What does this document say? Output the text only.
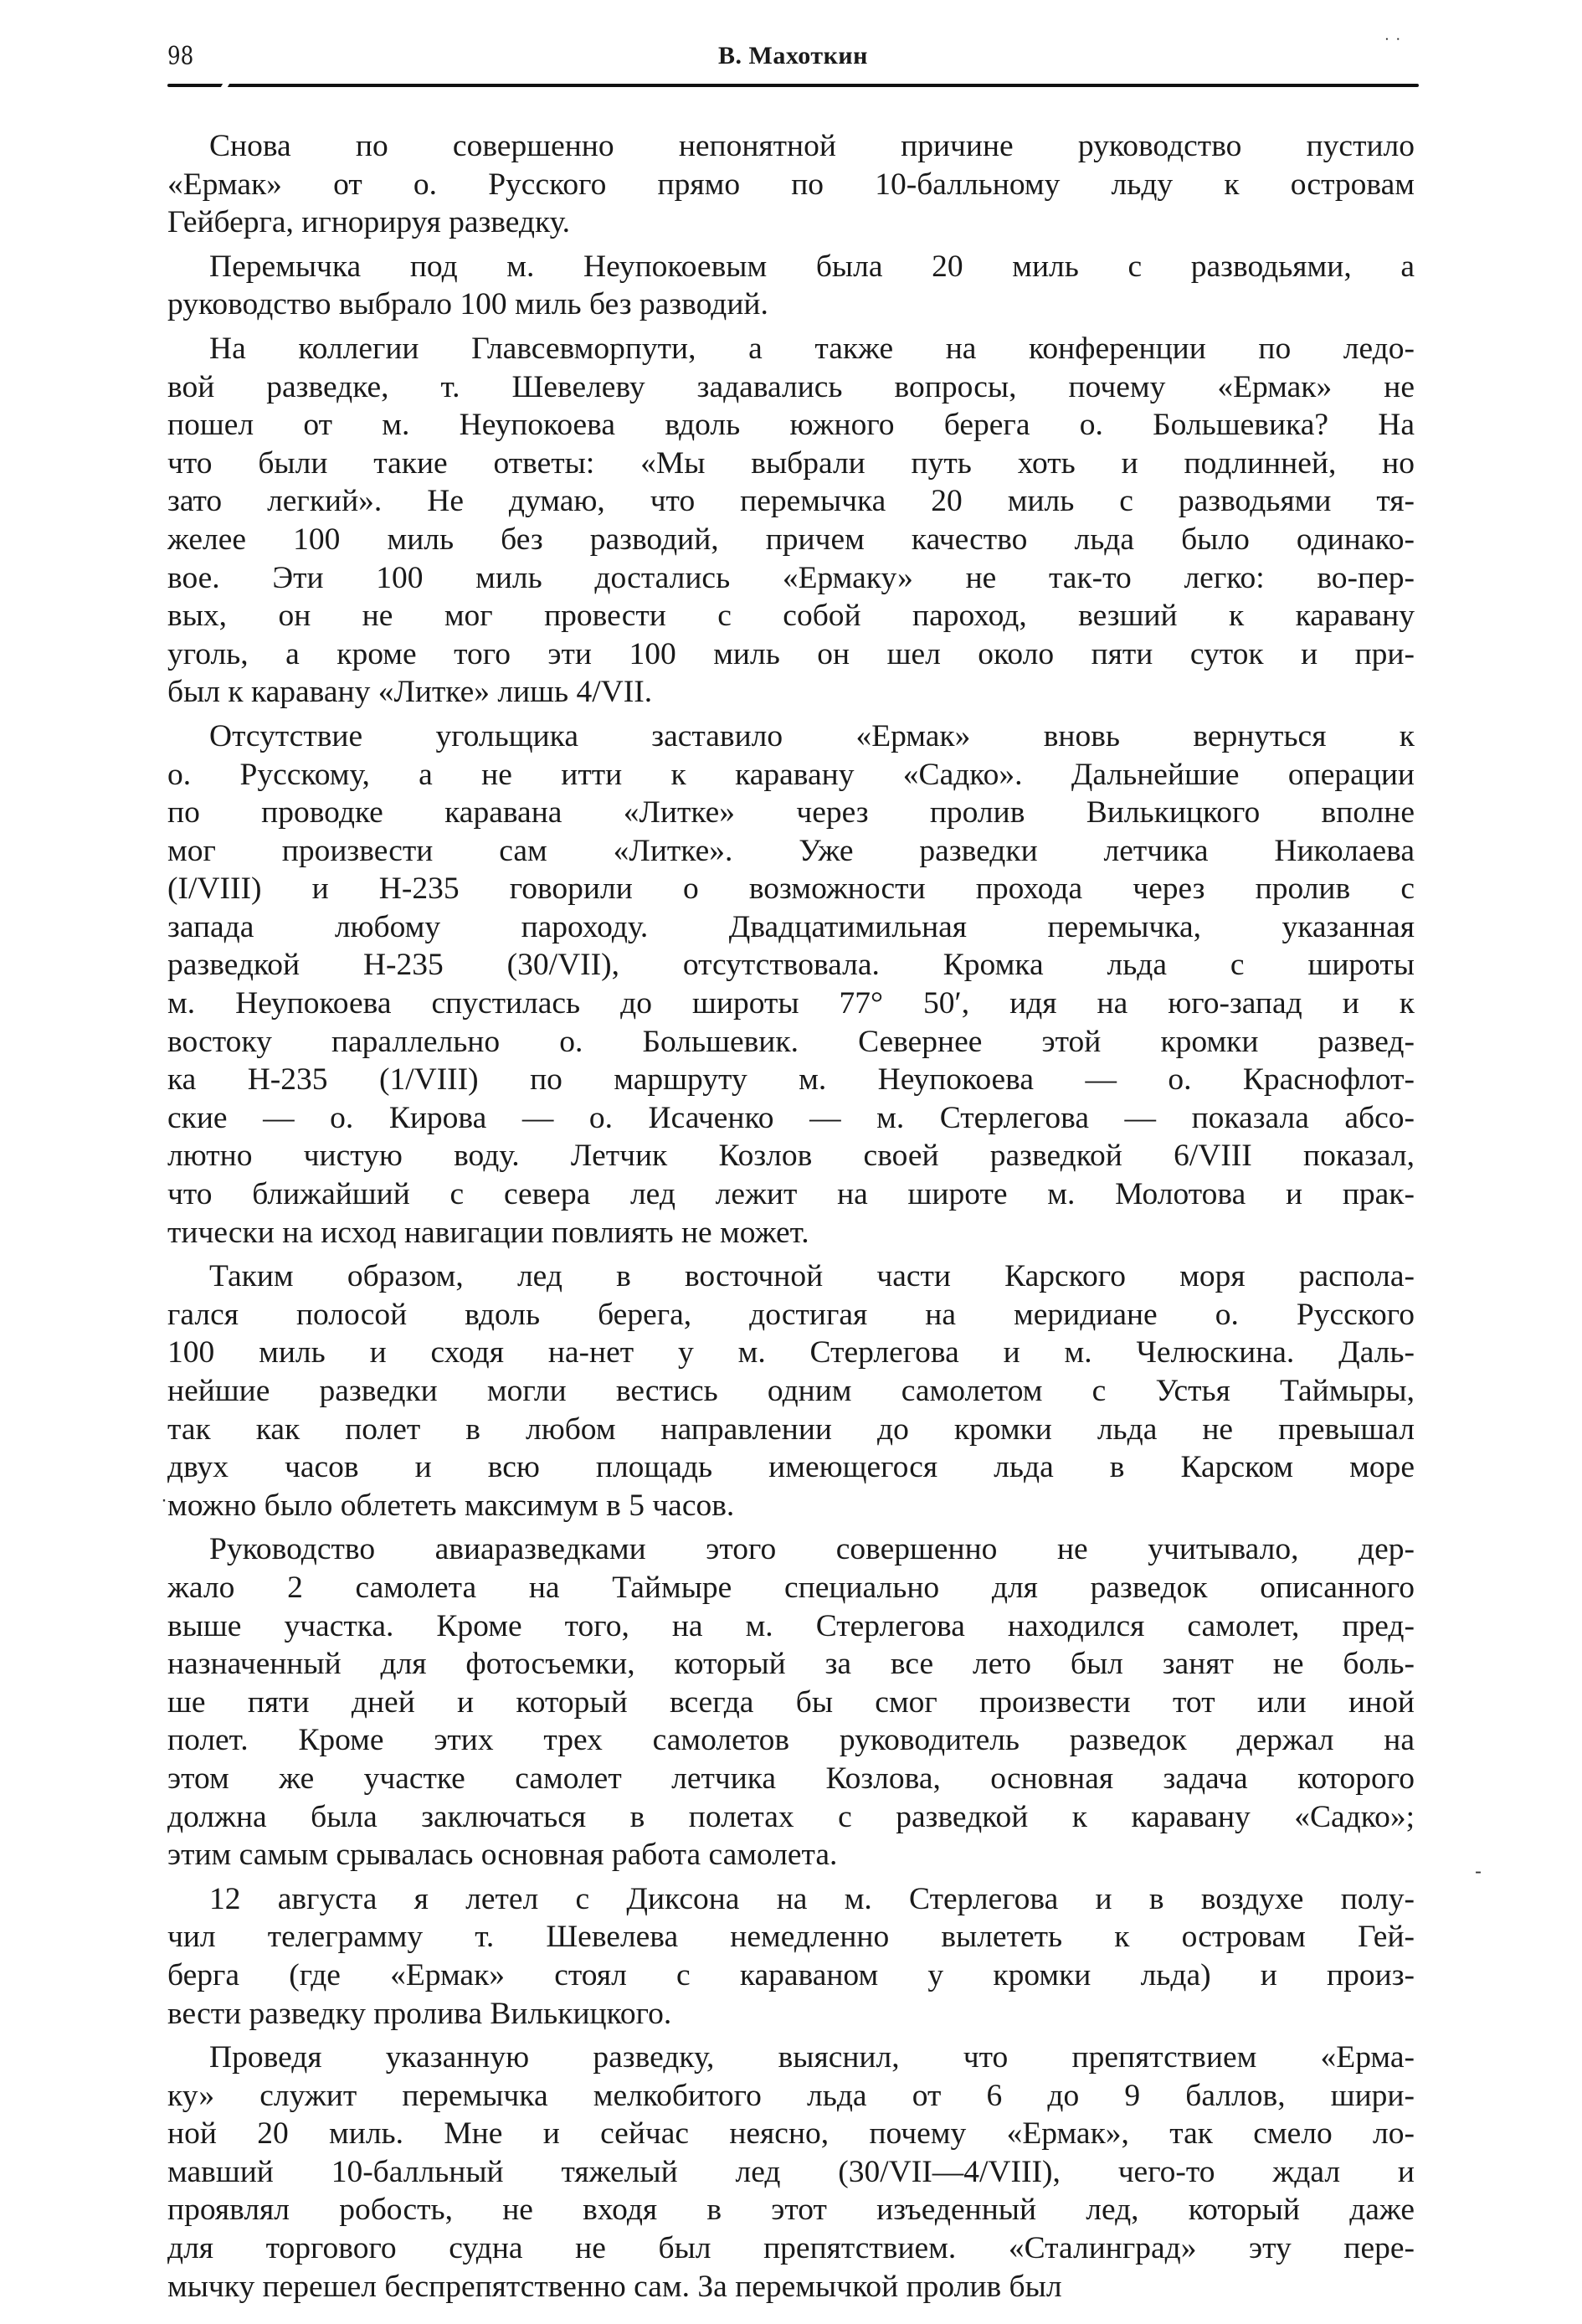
98	В. Махоткин	˙ ˙
Снова по совершенно непонятной причине руководство пустило
«Ермак» от о. Русского прямо по 10-балльному льду к островам
Гейберга, игнорируя разведку.
Перемычка под м. Неупокоевым была 20 миль с разводьями, а
руководство выбрало 100 миль без разводий.
На коллегии Главсевморпути, а также на конференции по ледо-
вой разведке, т. Шевелеву задавались вопросы, почему «Ермак» не
пошел от м. Неупокоева вдоль южного берега о. Большевика? На
что были такие ответы: «Мы выбрали путь хоть и подлинней, но
зато легкий». Не думаю, что перемычка 20 миль с разводьями тя-
желее 100 миль без разводий, причем качество льда было одинако-
вое. Эти 100 миль достались «Ермаку» не так-то легко: во-пер-
вых, он не мог провести с собой пароход, везший к каравану
уголь, а кроме того эти 100 миль он шел около пяти суток и при-
был к каравану «Литке» лишь 4/VII.
Отсутствие угольщика заставило «Ермак» вновь вернуться к
о. Русскому, а не итти к каравану «Садко». Дальнейшие операции
по проводке каравана «Литке» через пролив Вилькицкого вполне
мог произвести сам «Литке». Уже разведки летчика Николаева
(I/VIII) и Н-235 говорили о возможности прохода через пролив с
запада любому пароходу. Двадцатимильная перемычка, указанная
разведкой Н-235 (30/VII), отсутствовала. Кромка льда с широты
м. Неупокоева спустилась до широты 77° 50′, идя на юго-запад и к
востоку параллельно о. Большевик. Севернее этой кромки развед-
ка Н-235 (1/VIII) по маршруту м. Неупокоева — о. Краснофлот-
ские — о. Кирова — о. Исаченко — м. Стерлегова — показала абсо-
лютно чистую воду. Летчик Козлов своей разведкой 6/VIII показал,
что ближайший с севера лед лежит на широте м. Молотова и прак-
тически на исход навигации повлиять не может.
Таким образом, лед в восточной части Карского моря распола-
гался полосой вдоль берега, достигая на меридиане о. Русского
100 миль и сходя на-нет у м. Стерлегова и м. Челюскина. Даль-
нейшие разведки могли вестись одним самолетом с Устья Таймыры,
так как полет в любом направлении до кромки льда не превышал
двух часов и всю площадь имеющегося льда в Карском море
можно было облететь максимум в 5 часов.
Руководство авиаразведками этого совершенно не учитывало, дер-
жало 2 самолета на Таймыре специально для разведок описанного
выше участка. Кроме того, на м. Стерлегова находился самолет, пред-
назначенный для фотосъемки, который за все лето был занят не боль-
ше пяти дней и который всегда бы смог произвести тот или иной
полет. Кроме этих трех самолетов руководитель разведок держал на
этом же участке самолет летчика Козлова, основная задача которого
должна была заключаться в полетах с разведкой к каравану «Садко»;
этим самым срывалась основная работа самолета.
12 августа я летел с Диксона на м. Стерлегова и в воздухе полу-
чил телеграмму т. Шевелева немедленно вылететь к островам Гей-
берга (где «Ермак» стоял с караваном у кромки льда) и произ-
вести разведку пролива Вилькицкого.
Проведя указанную разведку, выяснил, что препятствием «Ерма-
ку» служит перемычка мелкобитого льда от 6 до 9 баллов, шири-
ной 20 миль. Мне и сейчас неясно, почему «Ермак», так смело ло-
мавший 10-балльный тяжелый лед (30/VII—4/VIII), чего-то ждал и
проявлял робость, не входя в этот изъеденный лед, который даже
для торгового судна не был препятствием. «Сталинград» эту пере-
мычку перешел беспрепятственно сам. За перемычкой пролив был
-
·
